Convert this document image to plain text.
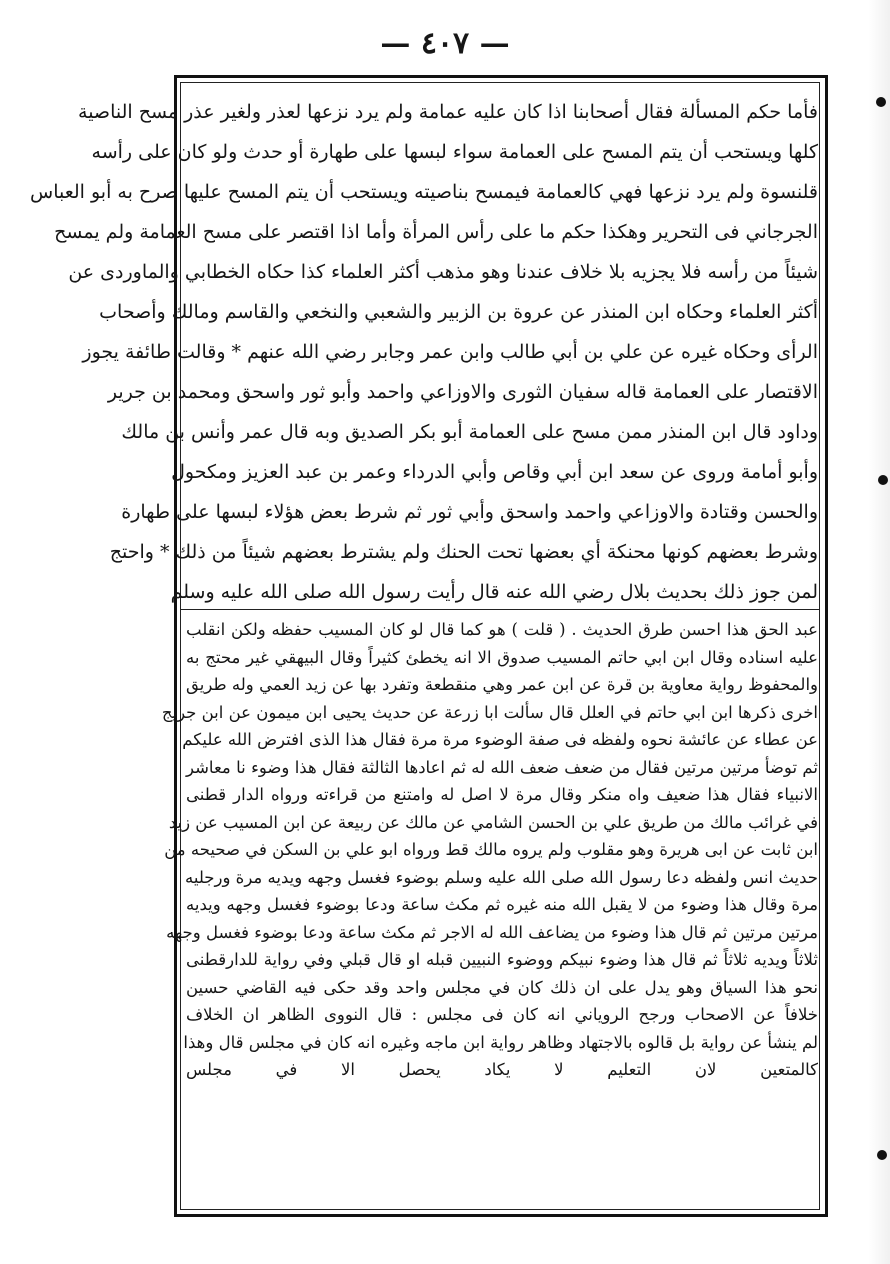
— ٤٠٧ —
فأما حكم المسألة فقال أصحابنا اذا كان عليه عمامة ولم يرد نزعها لعذر ولغير عذر مسح الناصية
كلها ويستحب أن يتم المسح على العمامة سواء لبسها على طهارة أو حدث ولو كان على رأسه
قلنسوة ولم يرد نزعها فهي كالعمامة فيمسح بناصيته ويستحب أن يتم المسح عليها صرح به أبو العباس
الجرجاني فى التحرير وهكذا حكم ما على رأس المرأة وأما اذا اقتصر على مسح العمامة ولم يمسح
شيئاً من رأسه فلا يجزيه بلا خلاف عندنا وهو مذهب أكثر العلماء كذا حكاه الخطابي والماوردى عن
أكثر العلماء وحكاه ابن المنذر عن عروة بن الزبير والشعبي والنخعي والقاسم ومالك وأصحاب
الرأى وحكاه غيره عن علي بن أبي طالب وابن عمر وجابر رضي الله عنهم * وقالت طائفة يجوز
الاقتصار على العمامة قاله سفيان الثورى والاوزاعي واحمد وأبو ثور واسحق ومحمد بن جرير
وداود قال ابن المنذر ممن مسح على العمامة أبو بكر الصديق وبه قال عمر وأنس بن مالك
وأبو أمامة وروى عن سعد ابن أبي وقاص وأبي الدرداء وعمر بن عبد العزيز ومكحول
والحسن وقتادة والاوزاعي واحمد واسحق وأبي ثور ثم شرط بعض هؤلاء لبسها على طهارة
وشرط بعضهم كونها محنكة أي بعضها تحت الحنك ولم يشترط بعضهم شيئاً من ذلك * واحتج
لمن جوز ذلك بحديث بلال رضي الله عنه قال رأيت رسول الله صلى الله عليه وسلم
عبد الحق هذا احسن طرق الحديث . ( قلت ) هو كما قال لو كان المسيب حفظه ولكن انقلب
عليه اسناده وقال ابن ابي حاتم المسيب صدوق الا انه يخطئ كثيراً وقال البيهقي غير محتج به
والمحفوظ رواية معاوية بن قرة عن ابن عمر وهي منقطعة وتفرد بها عن زيد العمي وله طريق
اخرى ذكرها ابن ابي حاتم في العلل قال سألت ابا زرعة عن حديث يحيى ابن ميمون عن ابن جريج
عن عطاء عن عائشة نحوه ولفظه فى صفة الوضوء مرة مرة فقال هذا الذى افترض الله عليكم
ثم توضأ مرتين مرتين فقال من ضعف ضعف الله له ثم اعادها الثالثة فقال هذا وضوء نا معاشر
الانبياء فقال هذا ضعيف واه منكر وقال مرة لا اصل له وامتنع من قراءته ورواه الدار قطنى
في غرائب مالك من طريق علي بن الحسن الشامي عن مالك عن ربيعة عن ابن المسيب عن زيد
ابن ثابت عن ابى هريرة وهو مقلوب ولم يروه مالك قط ورواه ابو علي بن السكن في صحيحه من
حديث انس ولفظه دعا رسول الله صلى الله عليه وسلم بوضوء فغسل وجهه ويديه مرة ورجليه
مرة وقال هذا وضوء من لا يقبل الله منه غيره ثم مكث ساعة ودعا بوضوء فغسل وجهه ويديه
مرتين مرتين ثم قال هذا وضوء من يضاعف الله له الاجر ثم مكث ساعة ودعا بوضوء فغسل وجهه
ثلاثاً ويديه ثلاثاً ثم قال هذا وضوء نبيكم ووضوء النبيين قبله او قال قبلي وفي رواية للدارقطنى
نحو هذا السياق وهو يدل على ان ذلك كان في مجلس واحد وقد حكى فيه القاضي حسين
خلافاً عن الاصحاب ورجح الروياني انه كان فى مجلس : قال النووى الظاهر ان الخلاف
لم ينشأ عن رواية بل قالوه بالاجتهاد وظاهر رواية ابن ماجه وغيره انه كان في مجلس قال وهذا
كالمتعين لان التعليم لا يكاد يحصل الا في مجلس
